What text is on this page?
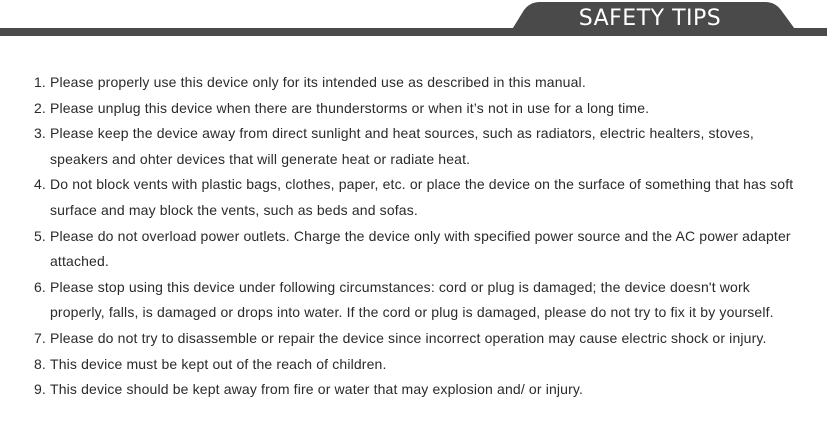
SAFETY TIPS
1. Please properly use this device only for its intended use as described in this manual.
2. Please unplug this device when there are thunderstorms or when it’s not in use for a long time.
3. Please keep the device away from direct sunlight and heat sources, such as radiators, electric healters, stoves, speakers and ohter devices that will generate heat or radiate heat.
4. Do not block vents with plastic bags, clothes, paper, etc. or place the device on the surface of something that has soft surface and may block the vents, such as beds and sofas.
5. Please do not overload power outlets. Charge the device only with specified power source and the AC power adapter attached.
6. Please stop using this device under following circumstances: cord or plug is damaged; the device doesn't work properly, falls, is damaged or drops into water. If the cord or plug is damaged, please do not try to fix it by yourself.
7. Please do not try to disassemble or repair the device since incorrect operation may cause electric shock or injury.
8. This device must be kept out of the reach of children.
9. This device should be kept away from fire or water that may explosion and/ or injury.
